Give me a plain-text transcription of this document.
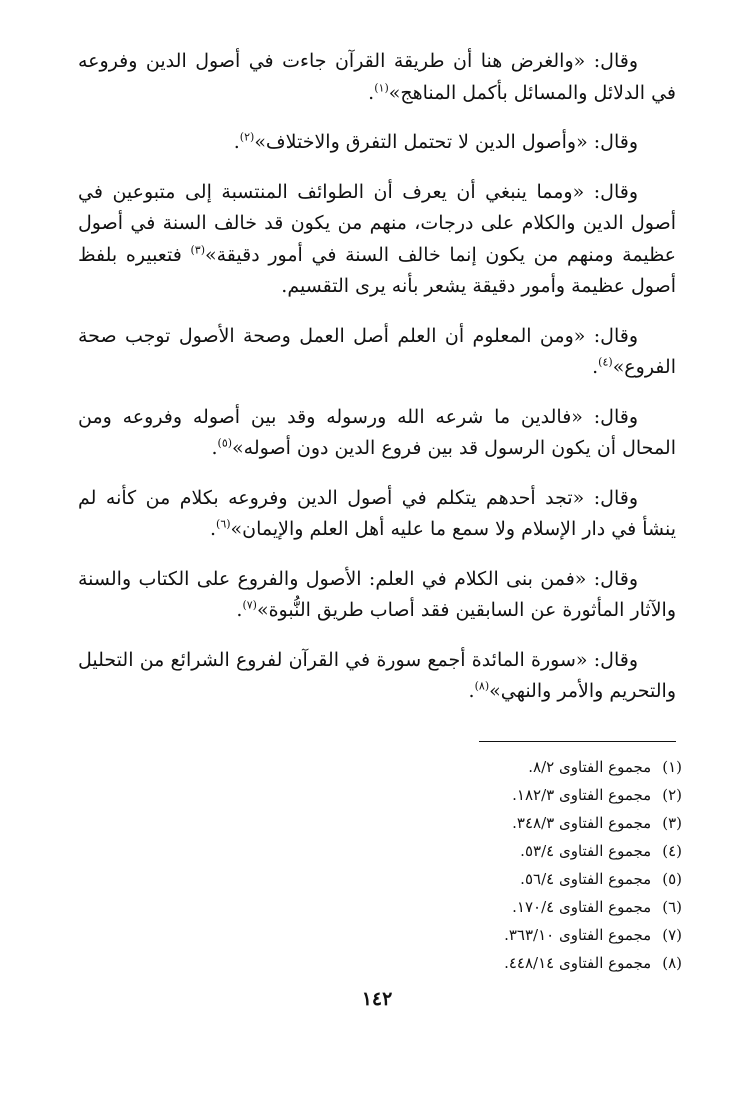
وقال: «والغرض هنا أن طريقة القرآن جاءت في أصول الدين وفروعه في الدلائل والمسائل بأكمل المناهج»$^{(١)}$.

وقال: «وأصول الدين لا تحتمل التفرق والاختلاف»$^{(٢)}$.

وقال: «ومما ينبغي أن يعرف أن الطوائف المنتسبة إلى متبوعين في أصول الدين والكلام على درجات، منهم من يكون قد خالف السنة في أصول عظيمة ومنهم من يكون إنما خالف السنة في أمور دقيقة»$^{(٣)}$ فتعبيره بلفظ أصول عظيمة وأمور دقيقة يشعر بأنه يرى التقسيم.

وقال: «ومن المعلوم أن العلم أصل العمل وصحة الأصول توجب صحة الفروع»$^{(٤)}$.

وقال: «فالدين ما شرعه الله ورسوله وقد بين أصوله وفروعه ومن المحال أن يكون الرسول قد بين فروع الدين دون أصوله»$^{(٥)}$.

وقال: «تجد أحدهم يتكلم في أصول الدين وفروعه بكلام من كأنه لم ينشأ في دار الإسلام ولا سمع ما عليه أهل العلم والإيمان»$^{(٦)}$.

وقال: «فمن بنى الكلام في العلم: الأصول والفروع على الكتاب والسنة والآثار المأثورة عن السابقين فقد أصاب طريق النُّبوة»$^{(٧)}$.

وقال: «سورة المائدة أجمع سورة في القرآن لفروع الشرائع من التحليل والتحريم والأمر والنهي»$^{(٨)}$.

(١) مجموع الفتاوى ٨/٢.
(٢) مجموع الفتاوى ١٨٢/٣.
(٣) مجموع الفتاوى ٣٤٨/٣.
(٤) مجموع الفتاوى ٥٣/٤.
(٥) مجموع الفتاوى ٥٦/٤.
(٦) مجموع الفتاوى ١٧٠/٤.
(٧) مجموع الفتاوى ٣٦٣/١٠.
(٨) مجموع الفتاوى ٤٤٨/١٤.
١٤٢
